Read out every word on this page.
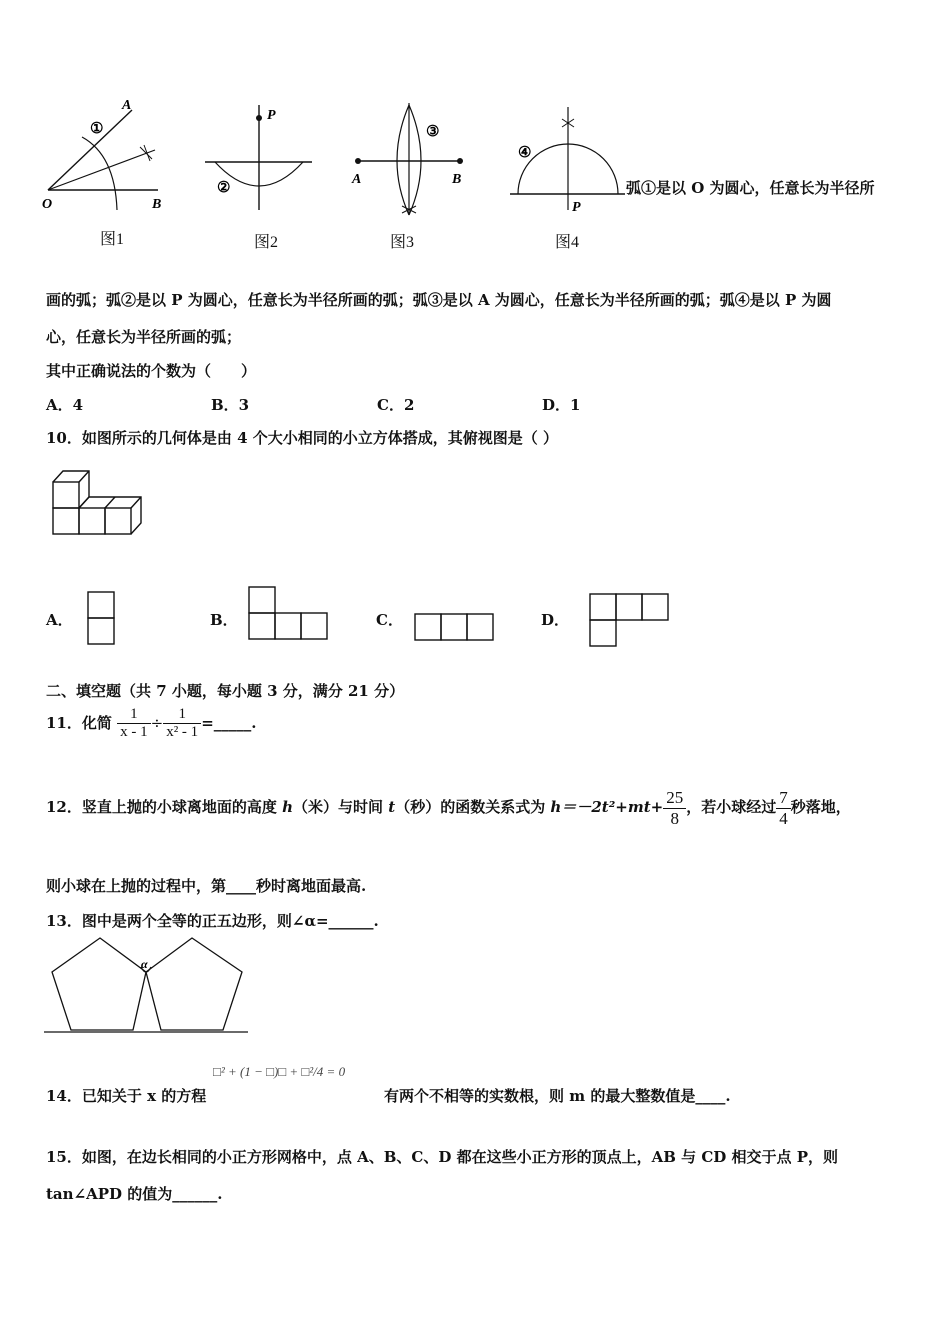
A
O	B
①
P
②
A	B
③
P
④
图1	图2	图3	图4
弧①是以 O 为圆心，任意长为半径所
画的弧；弧②是以 P 为圆心，任意长为半径所画的弧；弧③是以 A 为圆心，任意长为半径所画的弧；弧④是以 P 为圆
心，任意长为半径所画的弧；
其中正确说法的个数为（　　）
A．4	B．3	C．2	D．1
10．如图所示的几何体是由 4 个大小相同的小立方体搭成，其俯视图是（ ）
A．	B．	C．	D．
二、填空题（共 7 小题，每小题 3 分，满分 21 分）
11．化简 $\frac{1}{x - 1} \div \frac{1}{\text{x² - 1}}$ =_____.
12．竖直上抛的小球离地面的高度 h（米）与时间 t（秒）的函数关系式为 $h=-2t^2+mt+ \frac{25}{8}$ ，若小球经过 $\frac{7}{4}$ 秒落地，
则小球在上抛的过程中，第____秒时离地面最高.
13．图中是两个全等的正五边形，则∠α=______.
α
14．已知关于 x 的方程
□² + (1 − □)□ + □²/4 = 0
有两个不相等的实数根，则 m 的最大整数值是____.
15．如图，在边长相同的小正方形网格中，点 A、B、C、D 都在这些小正方形的顶点上，AB 与 CD 相交于点 P，则
tan∠APD 的值为______.
